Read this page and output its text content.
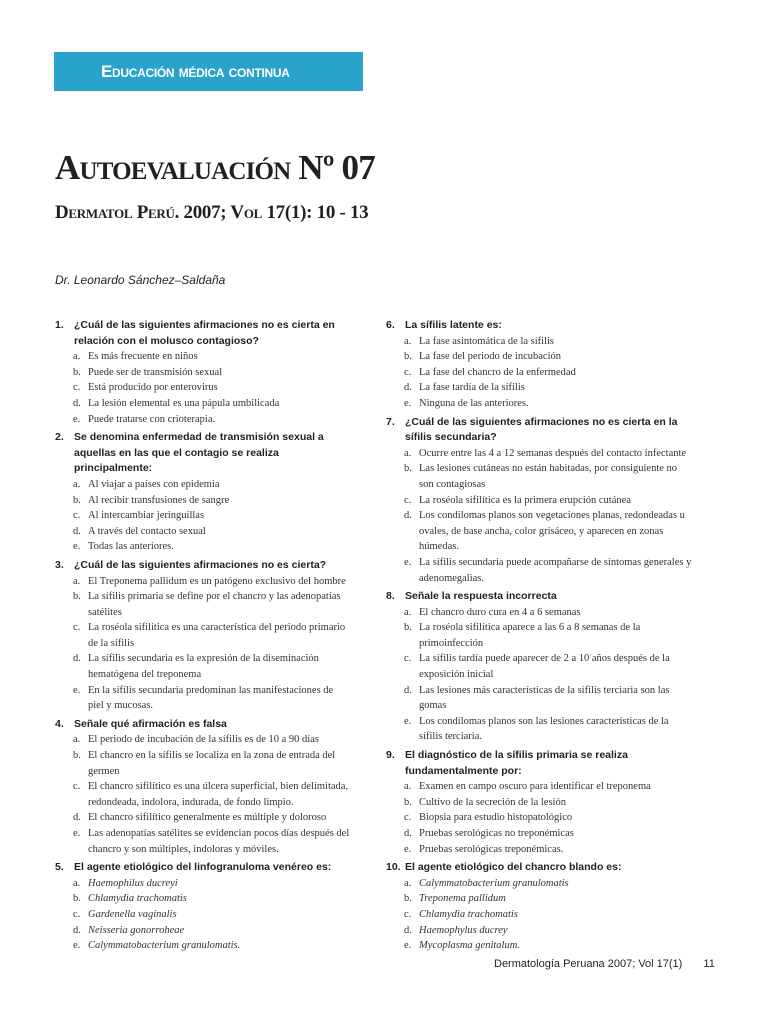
Educación médica continua
Autoevaluación Nº 07
Dermatol Perú. 2007; Vol 17(1): 10 - 13
Dr. Leonardo Sánchez–Saldaña
1. ¿Cuál de las siguientes afirmaciones no es cierta en relación con el molusco contagioso?
a. Es más frecuente en niños
b. Puede ser de transmisión sexual
c. Está producido por enterovirus
d. La lesión elemental es una pápula umbilicada
e. Puede tratarse con crioterapia.
2. Se denomina enfermedad de transmisión sexual a aquellas en las que el contagio se realiza principalmente:
a. Al viajar a países con epidemia
b. Al recibir transfusiones de sangre
c. Al intercambiar jeringuillas
d. A través del contacto sexual
e. Todas las anteriores.
3. ¿Cuál de las siguientes afirmaciones no es cierta?
a. El Treponema pallidum es un patógeno exclusivo del hombre
b. La sífilis primaria se define por el chancro y las adenopatías satélites
c. La roséola sifilítica es una característica del periodo primario de la sífilis
d. La sífilis secundaria es la expresión de la diseminación hematógena del treponema
e. En la sífilis secundaria predominan las manifestaciones de piel y mucosas.
4. Señale qué afirmación es falsa
a. El periodo de incubación de la sífilis es de 10 a 90 días
b. El chancro en la sífilis se localiza en la zona de entrada del germen
c. El chancro sifilítico es una úlcera superficial, bien delimitada, redondeada, indolora, indurada, de fondo limpio.
d. El chancro sifilítico generalmente es múltiple y doloroso
e. Las adenopatías satélites se evidencian pocos días después del chancro y son múltiples, indoloras y móviles.
5. El agente etiológico del linfogranuloma venéreo es:
a. Haemophilus ducreyi
b. Chlamydia trachomatis
c. Gardenella vaginalis
d. Neisseria gonorroheae
e. Calymmatobacterium granulomatis.
6. La sífilis latente es:
a. La fase asintomática de la sífilis
b. La fase del periodo de incubación
c. La fase del chancro de la enfermedad
d. La fase tardía de la sífilis
e. Ninguna de las anteriores.
7. ¿Cuál de las siguientes afirmaciones no es cierta en la sífilis secundaria?
a. Ocurre entre las 4 a 12 semanas después del contacto infectante
b. Las lesiones cutáneas no están habitadas, por consiguiente no son contagiosas
c. La roséola sifilítica es la primera erupción cutánea
d. Los condilomas planos son vegetaciones planas, redondeadas u ovales, de base ancha, color grisáceo, y aparecen en zonas húmedas.
e. La sífilis secundaria puede acompañarse de síntomas generales y adenomegalias.
8. Señale la respuesta incorrecta
a. El chancro duro cura en 4 a 6 semanas
b. La roséola sifilítica aparece a las 6 a 8 semanas de la primoinfección
c. La sífilis tardía puede aparecer de 2 a 10 años después de la exposición inicial
d. Las lesiones más características de la sífilis terciaria son las gomas
e. Los condilomas planos son las lesiones características de la sífilis terciaria.
9. El diagnóstico de la sífilis primaria se realiza fundamentalmente por:
a. Examen en campo oscuro para identificar el treponema
b. Cultivo de la secreción de la lesión
c. Biopsia para estudio histopatológico
d. Pruebas serológicas no treponémicas
e. Pruebas serológicas treponémicas.
10. El agente etiológico del chancro blando es:
a. Calymmatobacterium granulomatis
b. Treponema pallidum
c. Chlamydia trachomatis
d. Haemophylus ducrey
e. Mycoplasma genitalum.
Dermatología Peruana 2007; Vol 17(1) 11
